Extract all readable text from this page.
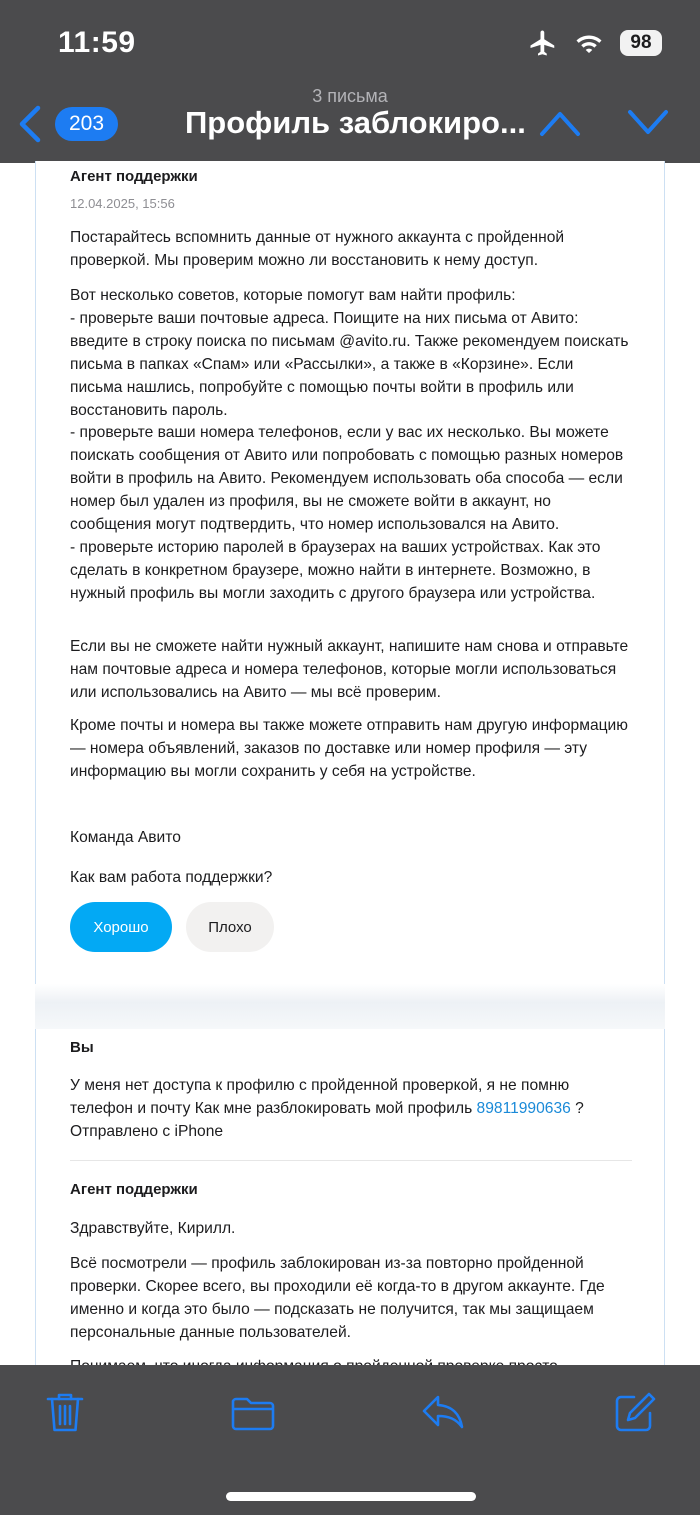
11:59	98
203
3 письма
Профиль заблокиро...
Агент поддержки
12.04.2025, 15:56
Постарайтесь вспомнить данные от нужного аккаунта с пройденной проверкой. Мы проверим можно ли восстановить к нему доступ.
Вот несколько советов, которые помогут вам найти профиль:
- проверьте ваши почтовые адреса. Поищите на них письма от Авито: введите в строку поиска по письмам @avito.ru. Также рекомендуем поискать письма в папках «Спам» или «Рассылки», а также в «Корзине». Если письма нашлись, попробуйте с помощью почты войти в профиль или восстановить пароль.
- проверьте ваши номера телефонов, если у вас их несколько. Вы можете поискать сообщения от Авито или попробовать с помощью разных номеров войти в профиль на Авито. Рекомендуем использовать оба способа — если номер был удален из профиля, вы не сможете войти в аккаунт, но сообщения могут подтвердить, что номер использовался на Авито.
- проверьте историю паролей в браузерах на ваших устройствах. Как это сделать в конкретном браузере, можно найти в интернете. Возможно, в нужный профиль вы могли заходить с другого браузера или устройства.
Если вы не сможете найти нужный аккаунт, напишите нам снова и отправьте нам почтовые адреса и номера телефонов, которые могли использоваться или использовались на Авито — мы всё проверим.
Кроме почты и номера вы также можете отправить нам другую информацию — номера объявлений, заказов по доставке или номер профиля — эту информацию вы могли сохранить у себя на устройстве.
Команда Авито
Как вам работа поддержки?
Хорошо	Плохо
Вы
У меня нет доступа к профилю с пройденной проверкой, я не помню телефон и почту Как мне разблокировать мой профиль 89811990636 ?
Отправлено с iPhone
Агент поддержки
Здравствуйте, Кирилл.
Всё посмотрели — профиль заблокирован из-за повторно пройденной проверки. Скорее всего, вы проходили её когда-то в другом аккаунте. Где именно и когда это было — подсказать не получится, так мы защищаем персональные данные пользователей.
